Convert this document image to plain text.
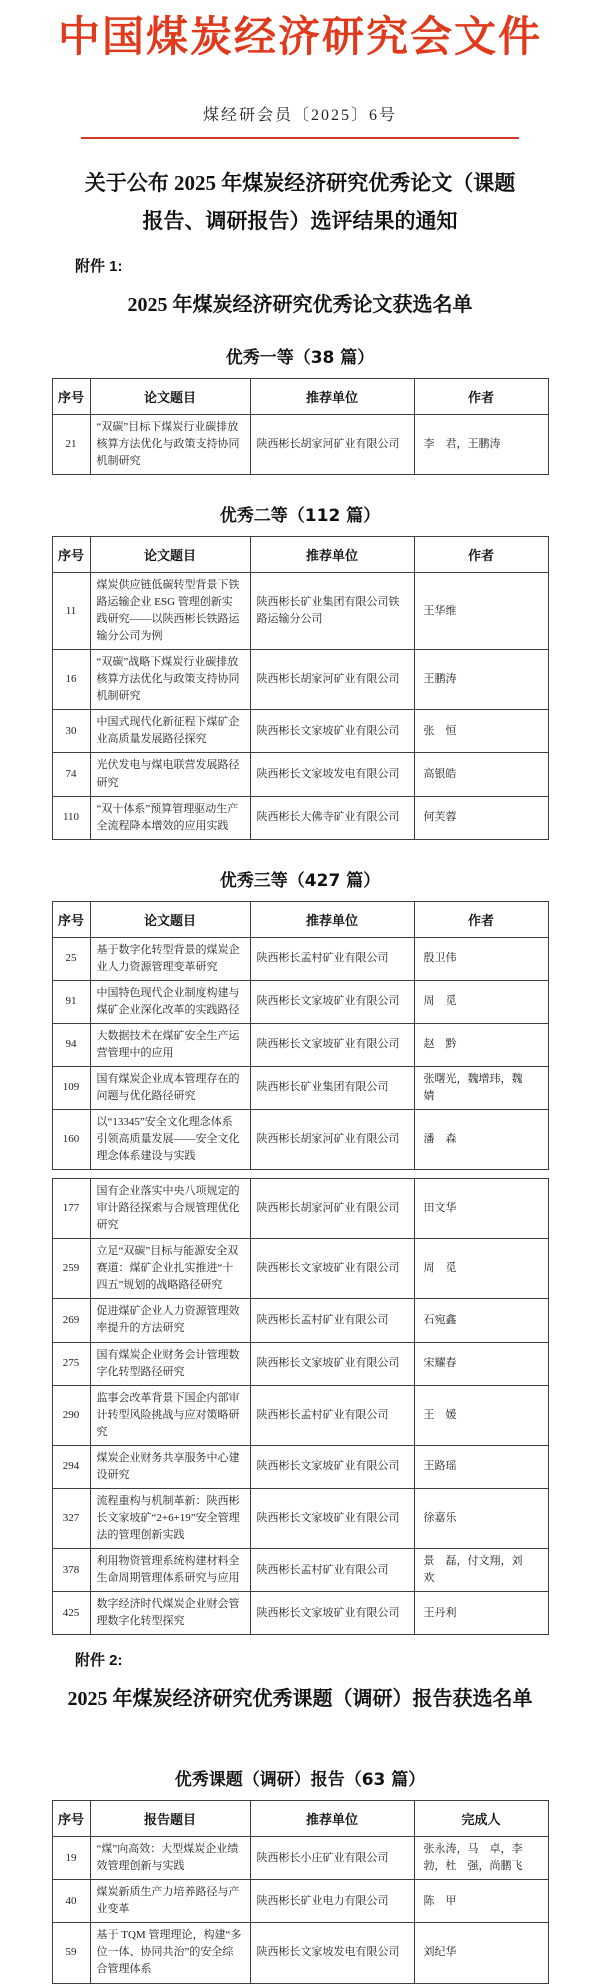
中国煤炭经济研究会文件
煤经研会员〔2025〕6号
关于公布 2025 年煤炭经济研究优秀论文（课题
报告、调研报告）选评结果的通知
附件 1:
2025 年煤炭经济研究优秀论文获选名单
优秀一等（38 篇）
序号	论文题目	推荐单位	作者
21	“双碳”目标下煤炭行业碳排放核算方法优化与政策支持协同机制研究	陕西彬长胡家河矿业有限公司	李　君，王鹏涛
优秀二等（112 篇）
序号	论文题目	推荐单位	作者
11	煤炭供应链低碳转型背景下铁路运输企业 ESG 管理创新实践研究——以陕西彬长铁路运输分公司为例	陕西彬长矿业集团有限公司铁路运输分公司	王华维
16	“双碳”战略下煤炭行业碳排放核算方法优化与政策支持协同机制研究	陕西彬长胡家河矿业有限公司	王鹏涛
30	中国式现代化新征程下煤矿企业高质量发展路径探究	陕西彬长文家坡矿业有限公司	张　恒
74	光伏发电与煤电联营发展路径研究	陕西彬长文家坡发电有限公司	高银皓
110	“双十体系”预算管理驱动生产全流程降本增效的应用实践	陕西彬长大佛寺矿业有限公司	何芙蓉
优秀三等（427 篇）
序号	论文题目	推荐单位	作者
25	基于数字化转型背景的煤炭企业人力资源管理变革研究	陕西彬长孟村矿业有限公司	殷卫伟
91	中国特色现代企业制度构建与煤矿企业深化改革的实践路径	陕西彬长文家坡矿业有限公司	周　觅
94	大数据技术在煤矿安全生产运营管理中的应用	陕西彬长文家坡矿业有限公司	赵　黔
109	国有煤炭企业成本管理存在的问题与优化路径研究	陕西彬长矿业集团有限公司	张曙光，魏增玮，魏　婧
160	以“13345”安全文化理念体系引领高质量发展——安全文化理念体系建设与实践	陕西彬长胡家河矿业有限公司	潘　森
177	国有企业落实中央八项规定的审计路径探索与合规管理优化研究	陕西彬长胡家河矿业有限公司	田文华
259	立足“双碳”目标与能源安全双赛道：煤矿企业扎实推进“十四五”规划的战略路径研究	陕西彬长文家坡矿业有限公司	周　觅
269	促进煤矿企业人力资源管理效率提升的方法研究	陕西彬长孟村矿业有限公司	石宛鑫
275	国有煤炭企业财务会计管理数字化转型路径研究	陕西彬长文家坡矿业有限公司	宋耀春
290	监事会改革背景下国企内部审计转型风险挑战与应对策略研究	陕西彬长孟村矿业有限公司	王　媛
294	煤炭企业财务共享服务中心建设研究	陕西彬长文家坡矿业有限公司	王路瑶
327	流程重构与机制革新：陕西彬长文家坡矿“2+6+19”安全管理法的管理创新实践	陕西彬长文家坡矿业有限公司	徐嘉乐
378	利用物资管理系统构建材料全生命周期管理体系研究与应用	陕西彬长孟村矿业有限公司	景　磊，付文翔，刘　欢
425	数字经济时代煤炭企业财会管理数字化转型探究	陕西彬长文家坡矿业有限公司	王丹利
附件 2:
2025 年煤炭经济研究优秀课题（调研）报告获选名单
优秀课题（调研）报告（63 篇）
序号	报告题目	推荐单位	完成人
19	“煤”向高效：大型煤炭企业绩效管理创新与实践	陕西彬长小庄矿业有限公司	张永涛，马　卓，李　勃，杜　强，尚鹏飞
40	煤炭新质生产力培养路径与产业变革	陕西彬长矿业电力有限公司	陈　甲
59	基于 TQM 管理理论，构建“多位一体、协同共治”的安全综合管理体系	陕西彬长文家坡发电有限公司	刘纪华
